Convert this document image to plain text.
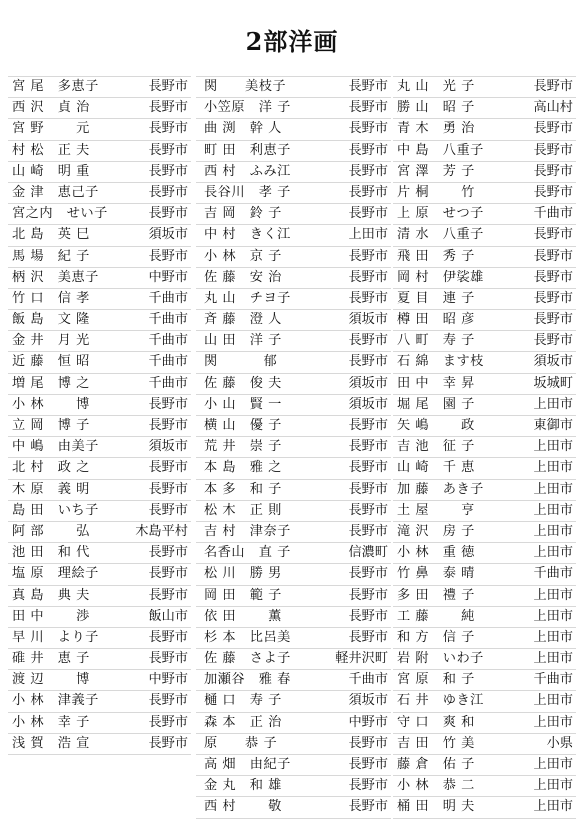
2部洋画
宮 尾　多恵子	長野市
西 沢　貞 治	長野市
宮 野　　 元	長野市
村 松　正 夫	長野市
山 崎　明 重	長野市
金 津　恵己子	長野市
宮之内　せい子	長野市
北 島　英 巳	須坂市
馬 場　紀 子	長野市
柄 沢　美恵子	中野市
竹 口　信 孝	千曲市
飯 島　文 隆	千曲市
金 井　月 光	千曲市
近 藤　恒 昭	千曲市
増 尾　博 之	千曲市
小 林　　 博	長野市
立 岡　博 子	長野市
中 嶋　由美子	須坂市
北 村　政 之	長野市
木 原　義 明	長野市
島 田　いち子	長野市
阿 部　　 弘	木島平村
池 田　和 代	長野市
塩 原　理絵子	長野市
真 島　典 夫	長野市
田 中　　 渉	飯山市
早 川　より子	長野市
碓 井　恵 子	長野市
渡 辺　　 博	中野市
小 林　津義子	長野市
小 林　幸 子	長野市
浅 賀　浩 宣	長野市
関　　美枝子	長野市
小笠原　洋 子	長野市
曲 渕　幹 人	長野市
町 田　利恵子	長野市
西 村　ふみ江	長野市
長谷川　孝 子	長野市
吉 岡　鈴 子	長野市
中 村　きく江	上田市
小 林　京 子	長野市
佐 藤　安 治	長野市
丸 山　チヨ子	長野市
斉 藤　澄 人	須坂市
山 田　洋 子	長野市
関　　　 郁	長野市
佐 藤　俊 夫	須坂市
小 山　賢 一	須坂市
横 山　優 子	長野市
荒 井　崇 子	長野市
本 島　雅 之	長野市
本 多　和 子	長野市
松 木　正 則	長野市
吉 村　津奈子	長野市
名香山　直 子	信濃町
松 川　勝 男	長野市
岡 田　範 子	長野市
依 田　　 薫	長野市
杉 本　比呂美	長野市
佐 藤　さよ子	軽井沢町
加瀬谷　雅 春	千曲市
樋 口　寿 子	須坂市
森 本　正 治	中野市
原　　恭 子	長野市
高 畑　由紀子	長野市
金 丸　和 雄	長野市
西 村　　 敬	長野市
丸 山　光 子	長野市
勝 山　昭 子	高山村
青 木　勇 治	長野市
中 島　八重子	長野市
宮 澤　芳 子	長野市
片 桐　　 竹	長野市
上 原　せつ子	千曲市
清 水　八重子	長野市
飛 田　秀 子	長野市
岡 村　伊裟雄	長野市
夏 目　連 子	長野市
樽 田　昭 彦	長野市
八 町　寿 子	長野市
石 綿　ます枝	須坂市
田 中　幸 昇	坂城町
堀 尾　園 子	上田市
矢 嶋　　 政	東御市
吉 池　征 子	上田市
山 崎　千 恵	上田市
加 藤　あき子	上田市
土 屋　　 亨	上田市
滝 沢　房 子	上田市
小 林　重 徳	上田市
竹 鼻　泰 晴	千曲市
多 田　禮 子	上田市
工 藤　　 純	上田市
和 方　信 子	上田市
岩 附　いわ子	上田市
宮 原　和 子	千曲市
石 井　ゆき江	上田市
守 口　爽 和	上田市
吉 田　竹 美	小県
藤 倉　佑 子	上田市
小 林　恭 二	上田市
桶 田　明 夫	上田市
